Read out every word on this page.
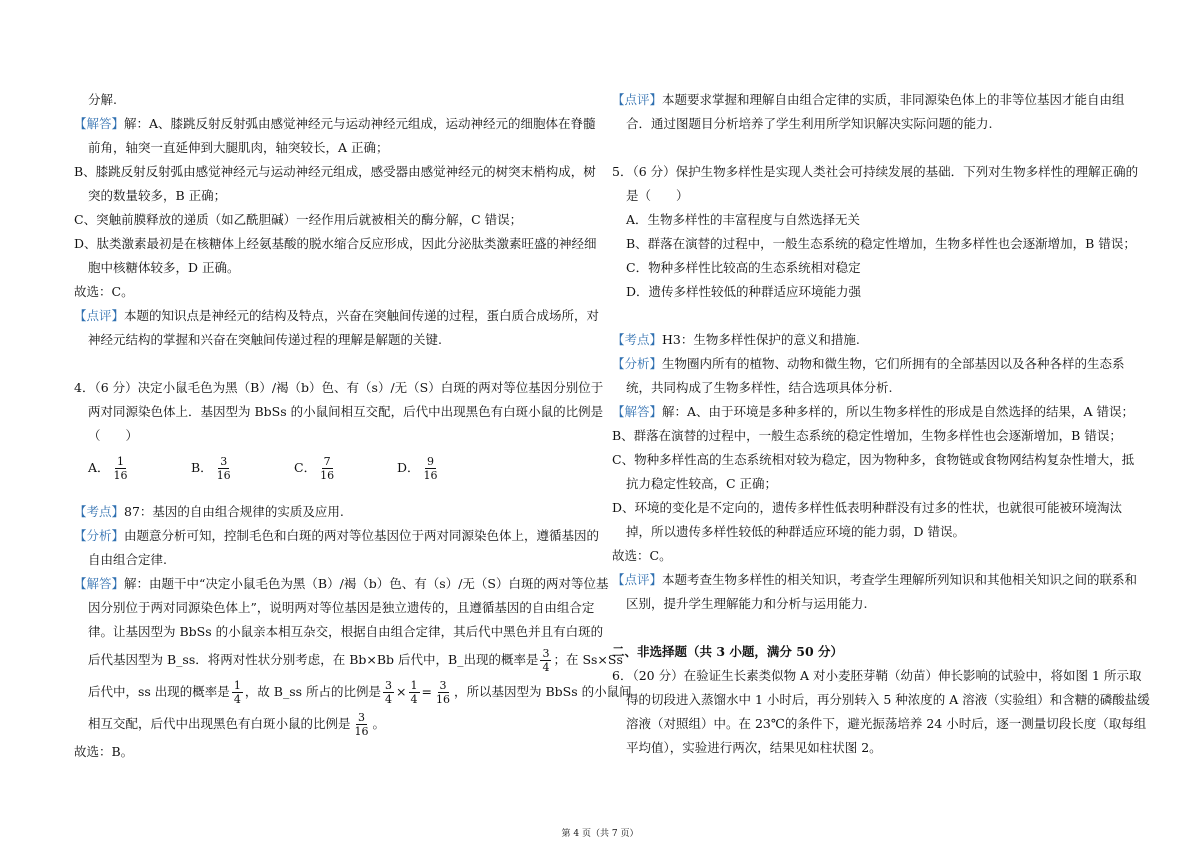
分解.
【解答】解：A、膝跳反射反射弧由感觉神经元与运动神经元组成，运动神经元的细胞体在脊髓
前角，轴突一直延伸到大腿肌肉，轴突较长，A 正确；
B、膝跳反射反射弧由感觉神经元与运动神经元组成，感受器由感觉神经元的树突末梢构成，树
突的数量较多，B 正确；
C、突触前膜释放的递质（如乙酰胆碱）一经作用后就被相关的酶分解，C 错误；
D、肽类激素最初是在核糖体上经氨基酸的脱水缩合反应形成，因此分泌肽类激素旺盛的神经细
胞中核糖体较多，D 正确。
故选：C。
【点评】本题的知识点是神经元的结构及特点，兴奋在突触间传递的过程，蛋白质合成场所，对
神经元结构的掌握和兴奋在突触间传递过程的理解是解题的关键.
4．（6 分）决定小鼠毛色为黑（B）/褐（b）色、有（s）/无（S）白斑的两对等位基因分别位于
两对同源染色体上．基因型为 BbSs 的小鼠间相互交配，后代中出现黑色有白斑小鼠的比例是
（　　）
A． $\frac{1}{16}$	B． $\frac{3}{16}$	C． $\frac{7}{16}$	D． $\frac{9}{16}$
【考点】87：基因的自由组合规律的实质及应用.
【分析】由题意分析可知，控制毛色和白斑的两对等位基因位于两对同源染色体上，遵循基因的
自由组合定律.
【解答】解：由题干中“决定小鼠毛色为黑（B）/褐（b）色、有（s）/无（S）白斑的两对等位基
因分别位于两对同源染色体上”，说明两对等位基因是独立遗传的，且遵循基因的自由组合定
律。让基因型为 BbSs 的小鼠亲本相互杂交，根据自由组合定律，其后代中黑色并且有白斑的
后代基因型为 B_ss．将两对性状分别考虑，在 Bb×Bb 后代中，B_出现的概率是 $\frac{3}{4}$ ；在 Ss×Ss
后代中，ss 出现的概率是 $\frac{1}{4}$ ，故 B_ss 所占的比例是 $\frac{3}{4} \times \frac{1}{4} = \frac{3}{16}$ ，所以基因型为 BbSs 的小鼠间
相互交配，后代中出现黑色有白斑小鼠的比例是 $\frac{3}{16}$ 。
故选：B。
【点评】本题要求掌握和理解自由组合定律的实质，非同源染色体上的非等位基因才能自由组
合．通过图题目分析培养了学生利用所学知识解决实际问题的能力.
5．（6 分）保护生物多样性是实现人类社会可持续发展的基础．下列对生物多样性的理解正确的
是（　　）
A．生物多样性的丰富程度与自然选择无关
B、群落在演替的过程中，一般生态系统的稳定性增加，生物多样性也会逐渐增加，B 错误；
C．物种多样性比较高的生态系统相对稳定
D．遗传多样性较低的种群适应环境能力强
【考点】H3：生物多样性保护的意义和措施.
【分析】生物圈内所有的植物、动物和微生物，它们所拥有的全部基因以及各种各样的生态系
统，共同构成了生物多样性，结合选项具体分析.
【解答】解：A、由于环境是多种多样的，所以生物多样性的形成是自然选择的结果，A 错误；
B、群落在演替的过程中，一般生态系统的稳定性增加，生物多样性也会逐渐增加，B 错误；
C、物种多样性高的生态系统相对较为稳定，因为物种多，食物链或食物网结构复杂性增大，抵
抗力稳定性较高，C 正确；
D、环境的变化是不定向的，遗传多样性低表明种群没有过多的性状，也就很可能被环境淘汰
掉，所以遗传多样性较低的种群适应环境的能力弱，D 错误。
故选：C。
【点评】本题考查生物多样性的相关知识，考查学生理解所列知识和其他相关知识之间的联系和
区别，提升学生理解能力和分析与运用能力.
二、非选择题（共 3 小题，满分 50 分）
6．（20 分）在验证生长素类似物 A 对小麦胚芽鞘（幼苗）伸长影响的试验中，将如图 1 所示取
得的切段进入蒸馏水中 1 小时后，再分别转入 5 种浓度的 A 溶液（实验组）和含糖的磷酸盐缓
溶液（对照组）中。在 23℃的条件下，避光振荡培养 24 小时后，逐一测量切段长度（取每组
平均值），实验进行两次，结果见如柱状图 2。
第 4 页（共 7 页）
